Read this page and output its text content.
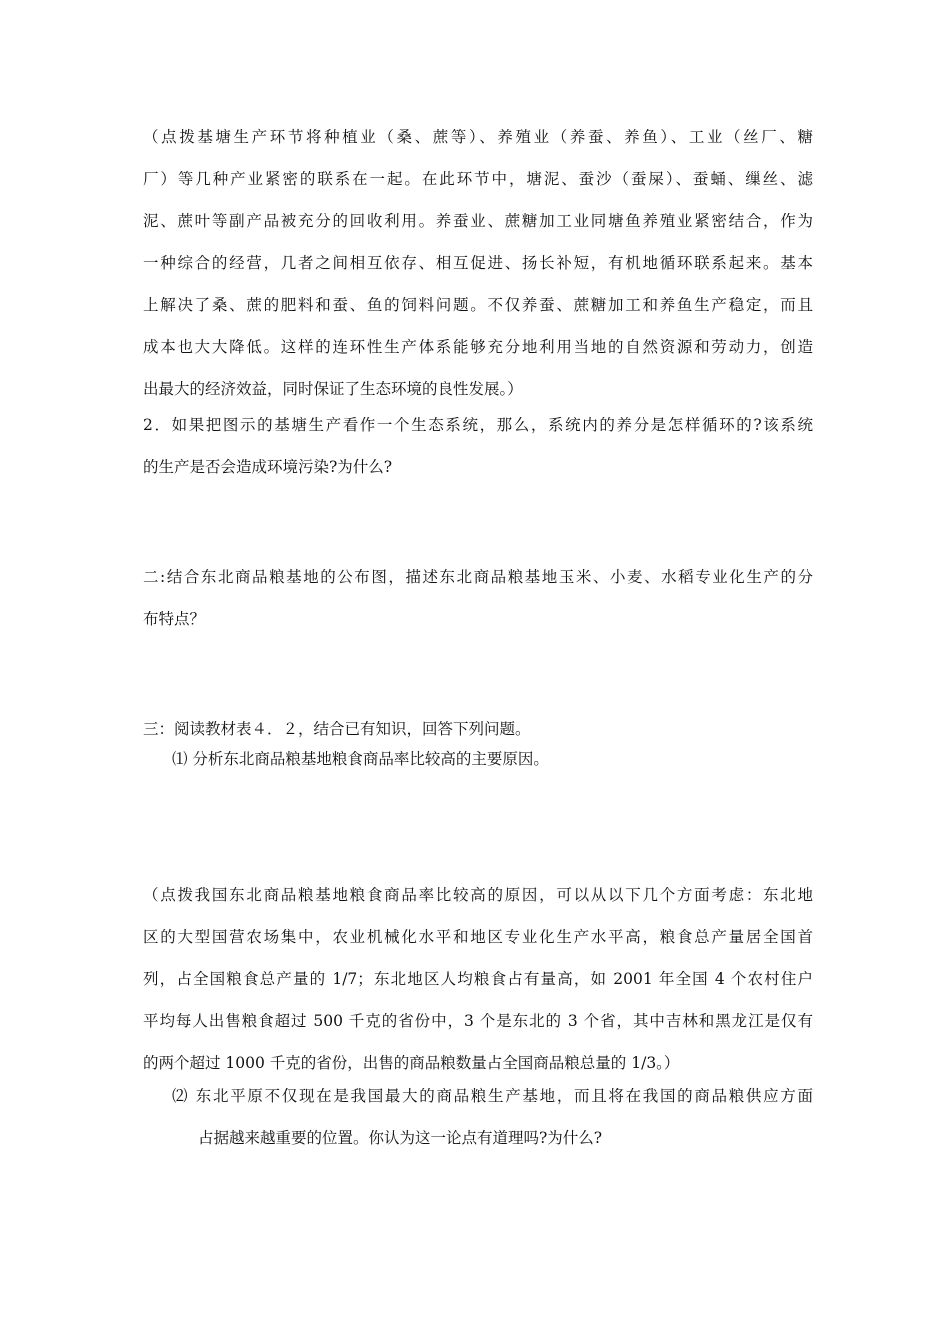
（点拨基塘生产环节将种植业（桑、蔗等）、养殖业（养蚕、养鱼）、工业（丝厂、糖
厂）等几种产业紧密的联系在一起。在此环节中，塘泥、蚕沙（蚕屎）、蚕蛹、缫丝、滤
泥、蔗叶等副产品被充分的回收利用。养蚕业、蔗糖加工业同塘鱼养殖业紧密结合，作为
一种综合的经营，几者之间相互依存、相互促进、扬长补短，有机地循环联系起来。基本
上解决了桑、蔗的肥料和蚕、鱼的饲料问题。不仅养蚕、蔗糖加工和养鱼生产稳定，而且
成本也大大降低。这样的连环性生产体系能够充分地利用当地的自然资源和劳动力，创造
出最大的经济效益，同时保证了生态环境的良性发展。）
2．如果把图示的基塘生产看作一个生态系统，那么，系统内的养分是怎样循环的?该系统
的生产是否会造成环境污染?为什么?
二:结合东北商品粮基地的公布图，描述东北商品粮基地玉米、小麦、水稻专业化生产的分
布特点？
三：阅读教材表４．２，结合已有知识，回答下列问题。
⑴ 分析东北商品粮基地粮食商品率比较高的主要原因。
（点拨我国东北商品粮基地粮食商品率比较高的原因，可以从以下几个方面考虑：东北地
区的大型国营农场集中，农业机械化水平和地区专业化生产水平高，粮食总产量居全国首
列，占全国粮食总产量的 1/7；东北地区人均粮食占有量高，如 2001 年全国 4 个农村住户
平均每人出售粮食超过 500 千克的省份中，3 个是东北的 3 个省，其中吉林和黑龙江是仅有
的两个超过 1000 千克的省份，出售的商品粮数量占全国商品粮总量的 1/3。）
⑵ 东北平原不仅现在是我国最大的商品粮生产基地，而且将在我国的商品粮供应方面
占据越来越重要的位置。你认为这一论点有道理吗?为什么?
